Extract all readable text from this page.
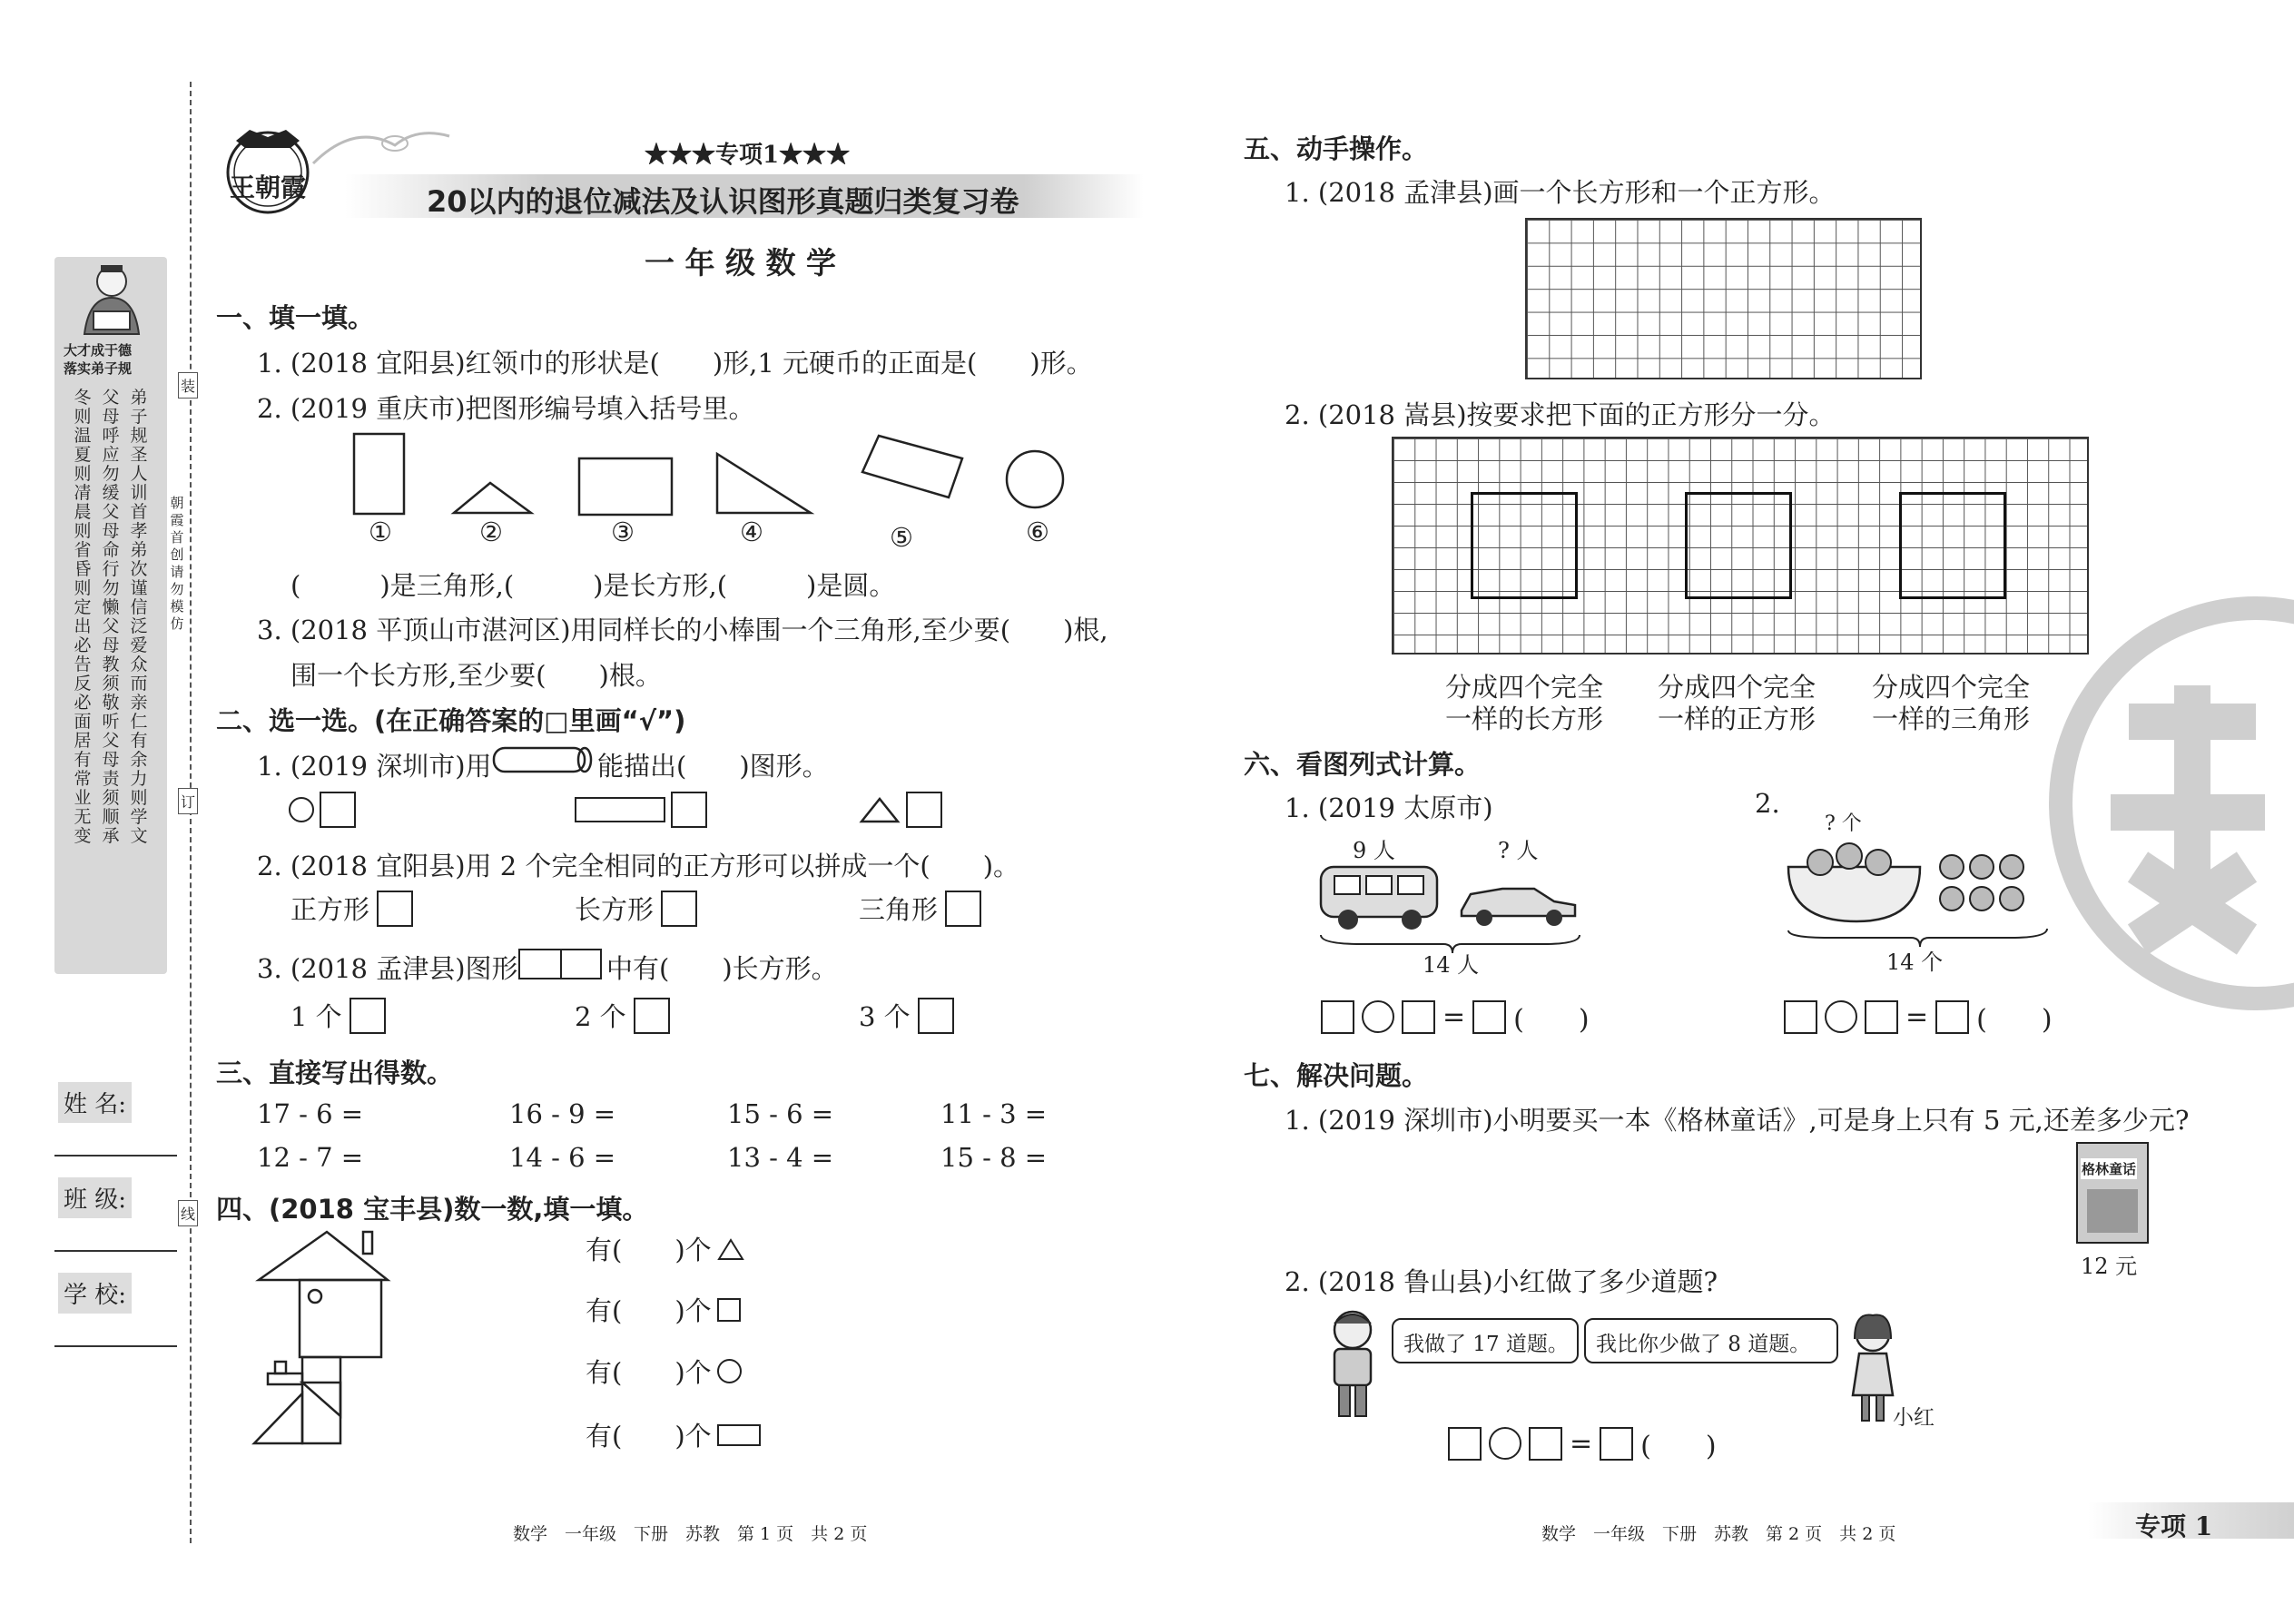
大才成于德
落实弟子规
冬则温夏则凊晨则省昏则定出必告反必面居有常业无变
父母呼应勿缓父母命行勿懒父母教须敬听父母责须顺承
弟子规圣人训首孝弟次谨信泛爱众而亲仁有余力则学文
装
订
线
朝霞首创请勿模仿
姓 名:
班 级:
学 校:
王朝霞
★★★专项1★★★
20以内的退位减法及认识图形真题归类复习卷
一 年 级 数 学
一、填一填。
1. (2018 宜阳县)红领巾的形状是(　　)形,1 元硬币的正面是(　　)形。
2. (2019 重庆市)把图形编号填入括号里。
①	②	③	④	⑤	⑥
(　　　)是三角形,(　　　)是长方形,(　　　)是圆。
3. (2018 平顶山市湛河区)用同样长的小棒围一个三角形,至少要(　　)根,
围一个长方形,至少要(　　)根。
二、选一选。(在正确答案的□里画“√”)
1. (2019 深圳市)用	能描出(　　)图形。
2. (2018 宜阳县)用 2 个完全相同的正方形可以拼成一个(　　)。
正方形	长方形	三角形
3. (2018 孟津县)图形	中有(　　)长方形。
1 个	2 个	3 个
三、直接写出得数。
17 - 6 =	16 - 9 =	15 - 6 =	11 - 3 =
12 - 7 =	14 - 6 =	13 - 4 =	15 - 8 =
四、(2018 宝丰县)数一数,填一填。
有(　　)个
有(　　)个
有(　　)个
有(　　)个
数学　一年级　下册　苏教　第 1 页　共 2 页
五、动手操作。
1. (2018 孟津县)画一个长方形和一个正方形。
2. (2018 嵩县)按要求把下面的正方形分一分。
分成四个完全
一样的长方形
分成四个完全
一样的正方形
分成四个完全
一样的三角形
六、看图列式计算。
1. (2019 太原市)
9 人	? 人
14 人
= (　　)
2.
? 个
14 个
= (　　)
七、解决问题。
1. (2019 深圳市)小明要买一本《格林童话》,可是身上只有 5 元,还差多少元?
格林童话
12 元
2. (2018 鲁山县)小红做了多少道题?
我做了 17 道题。 我比你少做了 8 道题。
小红
= (　　)
数学　一年级　下册　苏教　第 2 页　共 2 页	专项 1
